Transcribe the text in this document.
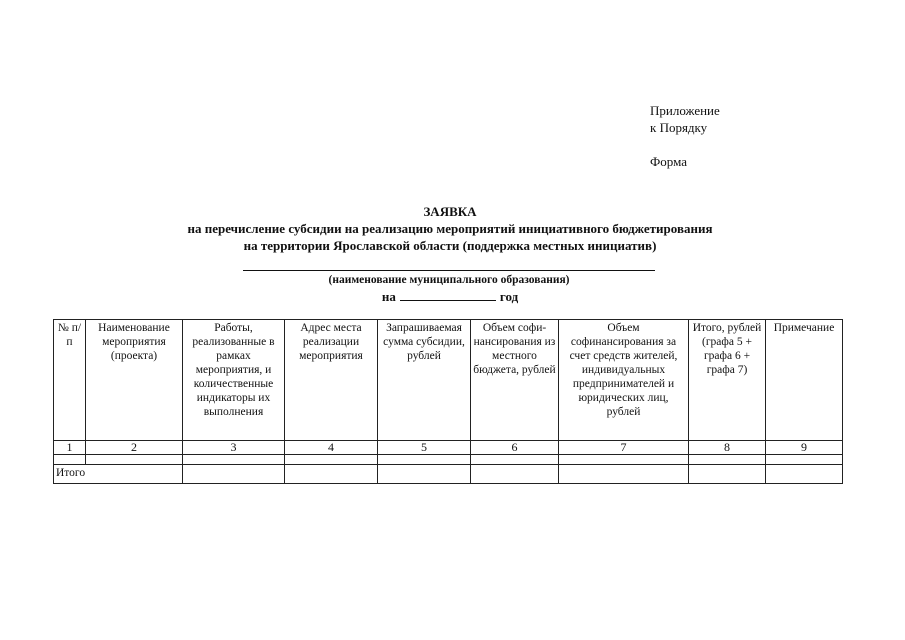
Приложение
к Порядку
Форма
ЗАЯВКА
на перечисление субсидии на реализацию мероприятий инициативного бюджетирования
на территории Ярославской области (поддержка местных инициатив)
(наименование муниципального образования)
на	год
№ п/п	Наименование мероприятия (проекта)	Работы, реализованные в рамках мероприятия, и количественные индикаторы их выполнения	Адрес места реализации мероприятия	Запрашиваемая сумма субсидии, рублей	Объем софи-нансирования из местного бюджета, рублей	Объем софинансирования за счет средств жителей, индивидуальных предпринимателей и юридических лиц, рублей	Итого, рублей (графа 5 + графа 6 + графа 7)	Примечание
1	2	3	4	5	6	7	8	9

Итого								
